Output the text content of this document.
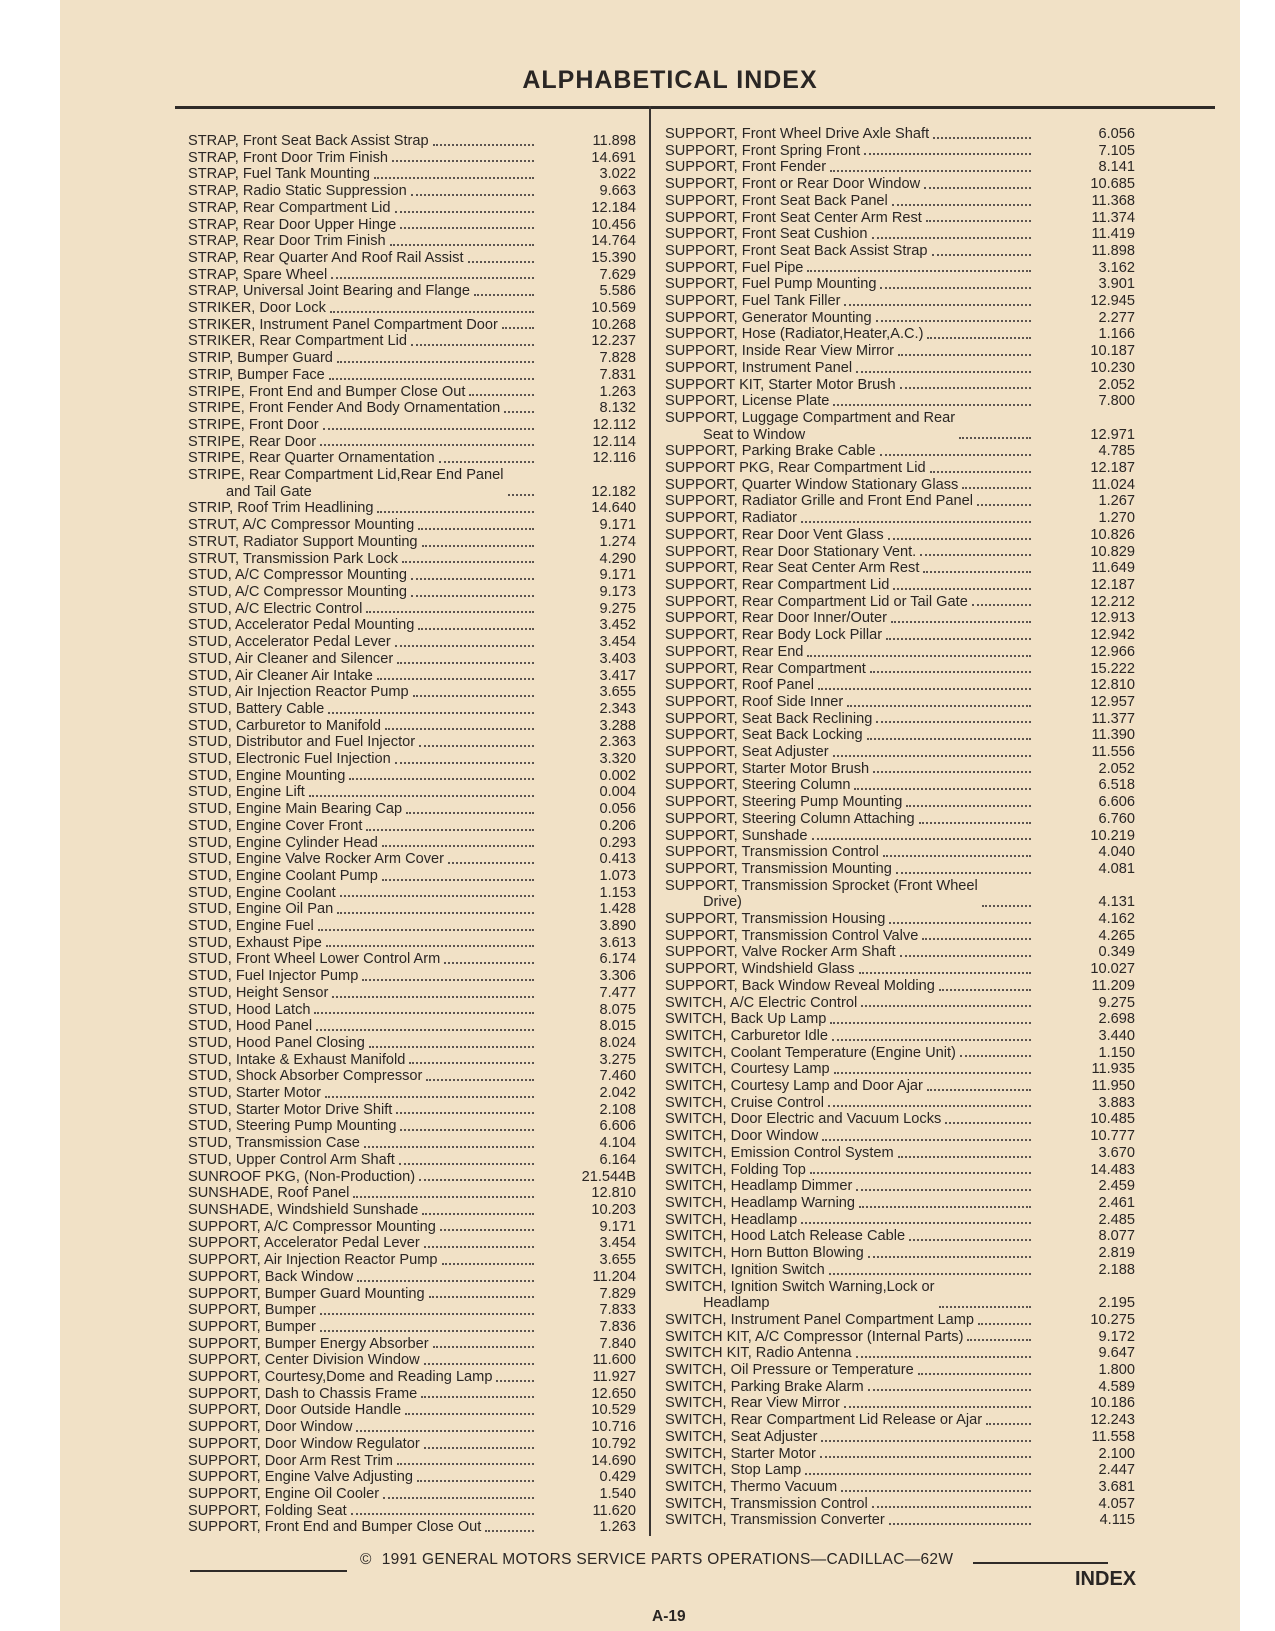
ALPHABETICAL INDEX
STRAP, Front Seat Back Assist Strap	11.898
STRAP, Front Door Trim Finish	14.691
STRAP, Fuel Tank Mounting	3.022
STRAP, Radio Static Suppression	9.663
STRAP, Rear Compartment Lid	12.184
STRAP, Rear Door Upper Hinge	10.456
STRAP, Rear Door Trim Finish	14.764
STRAP, Rear Quarter And Roof Rail Assist	15.390
STRAP, Spare Wheel	7.629
STRAP, Universal Joint Bearing and Flange	5.586
STRIKER, Door Lock	10.569
STRIKER, Instrument Panel Compartment Door	10.268
STRIKER, Rear Compartment Lid	12.237
STRIP, Bumper Guard	7.828
STRIP, Bumper Face	7.831
STRIPE, Front End and Bumper Close Out	1.263
STRIPE, Front Fender And Body Ornamentation	8.132
STRIPE, Front Door	12.112
STRIPE, Rear Door	12.114
STRIPE, Rear Quarter Ornamentation	12.116
STRIPE, Rear Compartment Lid,Rear End Panel
and Tail Gate	12.182
STRIP, Roof Trim Headlining	14.640
STRUT, A/C Compressor Mounting	9.171
STRUT, Radiator Support Mounting	1.274
STRUT, Transmission Park Lock	4.290
STUD, A/C Compressor Mounting	9.171
STUD, A/C Compressor Mounting	9.173
STUD, A/C Electric Control	9.275
STUD, Accelerator Pedal Mounting	3.452
STUD, Accelerator Pedal Lever	3.454
STUD, Air Cleaner and Silencer	3.403
STUD, Air Cleaner Air Intake	3.417
STUD, Air Injection Reactor Pump	3.655
STUD, Battery Cable	2.343
STUD, Carburetor to Manifold	3.288
STUD, Distributor and Fuel Injector	2.363
STUD, Electronic Fuel Injection	3.320
STUD, Engine Mounting	0.002
STUD, Engine Lift	0.004
STUD, Engine Main Bearing Cap	0.056
STUD, Engine Cover Front	0.206
STUD, Engine Cylinder Head	0.293
STUD, Engine Valve Rocker Arm Cover	0.413
STUD, Engine Coolant Pump	1.073
STUD, Engine Coolant	1.153
STUD, Engine Oil Pan	1.428
STUD, Engine Fuel	3.890
STUD, Exhaust Pipe	3.613
STUD, Front Wheel Lower Control Arm	6.174
STUD, Fuel Injector Pump	3.306
STUD, Height Sensor	7.477
STUD, Hood Latch	8.075
STUD, Hood Panel	8.015
STUD, Hood Panel Closing	8.024
STUD, Intake & Exhaust Manifold	3.275
STUD, Shock Absorber Compressor	7.460
STUD, Starter Motor	2.042
STUD, Starter Motor Drive Shift	2.108
STUD, Steering Pump Mounting	6.606
STUD, Transmission Case	4.104
STUD, Upper Control Arm Shaft	6.164
SUNROOF PKG, (Non-Production)	21.544B
SUNSHADE, Roof Panel	12.810
SUNSHADE, Windshield Sunshade	10.203
SUPPORT, A/C Compressor Mounting	9.171
SUPPORT, Accelerator Pedal Lever	3.454
SUPPORT, Air Injection Reactor Pump	3.655
SUPPORT, Back Window	11.204
SUPPORT, Bumper Guard Mounting	7.829
SUPPORT, Bumper	7.833
SUPPORT, Bumper	7.836
SUPPORT, Bumper Energy Absorber	7.840
SUPPORT, Center Division Window	11.600
SUPPORT, Courtesy,Dome and Reading Lamp	11.927
SUPPORT, Dash to Chassis Frame	12.650
SUPPORT, Door Outside Handle	10.529
SUPPORT, Door Window	10.716
SUPPORT, Door Window Regulator	10.792
SUPPORT, Door Arm Rest Trim	14.690
SUPPORT, Engine Valve Adjusting	0.429
SUPPORT, Engine Oil Cooler	1.540
SUPPORT, Folding Seat	11.620
SUPPORT, Front End and Bumper Close Out	1.263
SUPPORT, Front Wheel Drive Axle Shaft	6.056
SUPPORT, Front Spring Front	7.105
SUPPORT, Front Fender	8.141
SUPPORT, Front or Rear Door Window	10.685
SUPPORT, Front Seat Back Panel	11.368
SUPPORT, Front Seat Center Arm Rest	11.374
SUPPORT, Front Seat Cushion	11.419
SUPPORT, Front Seat Back Assist Strap	11.898
SUPPORT, Fuel Pipe	3.162
SUPPORT, Fuel Pump Mounting	3.901
SUPPORT, Fuel Tank Filler	12.945
SUPPORT, Generator Mounting	2.277
SUPPORT, Hose (Radiator,Heater,A.C.)	1.166
SUPPORT, Inside Rear View Mirror	10.187
SUPPORT, Instrument Panel	10.230
SUPPORT KIT, Starter Motor Brush	2.052
SUPPORT, License Plate	7.800
SUPPORT, Luggage Compartment and Rear
Seat to Window	12.971
SUPPORT, Parking Brake Cable	4.785
SUPPORT PKG, Rear Compartment Lid	12.187
SUPPORT, Quarter Window Stationary Glass	11.024
SUPPORT, Radiator Grille and Front End Panel	1.267
SUPPORT, Radiator	1.270
SUPPORT, Rear Door Vent Glass	10.826
SUPPORT, Rear Door Stationary Vent.	10.829
SUPPORT, Rear Seat Center Arm Rest	11.649
SUPPORT, Rear Compartment Lid	12.187
SUPPORT, Rear Compartment Lid or Tail Gate	12.212
SUPPORT, Rear Door Inner/Outer	12.913
SUPPORT, Rear Body Lock Pillar	12.942
SUPPORT, Rear End	12.966
SUPPORT, Rear Compartment	15.222
SUPPORT, Roof Panel	12.810
SUPPORT, Roof Side Inner	12.957
SUPPORT, Seat Back Reclining	11.377
SUPPORT, Seat Back Locking	11.390
SUPPORT, Seat Adjuster	11.556
SUPPORT, Starter Motor Brush	2.052
SUPPORT, Steering Column	6.518
SUPPORT, Steering Pump Mounting	6.606
SUPPORT, Steering Column Attaching	6.760
SUPPORT, Sunshade	10.219
SUPPORT, Transmission Control	4.040
SUPPORT, Transmission Mounting	4.081
SUPPORT, Transmission Sprocket (Front Wheel
Drive)	4.131
SUPPORT, Transmission Housing	4.162
SUPPORT, Transmission Control Valve	4.265
SUPPORT, Valve Rocker Arm Shaft	0.349
SUPPORT, Windshield Glass	10.027
SUPPORT, Back Window Reveal Molding	11.209
SWITCH, A/C Electric Control	9.275
SWITCH, Back Up Lamp	2.698
SWITCH, Carburetor Idle	3.440
SWITCH, Coolant Temperature (Engine Unit)	1.150
SWITCH, Courtesy Lamp	11.935
SWITCH, Courtesy Lamp and Door Ajar	11.950
SWITCH, Cruise Control	3.883
SWITCH, Door Electric and Vacuum Locks	10.485
SWITCH, Door Window	10.777
SWITCH, Emission Control System	3.670
SWITCH, Folding Top	14.483
SWITCH, Headlamp Dimmer	2.459
SWITCH, Headlamp Warning	2.461
SWITCH, Headlamp	2.485
SWITCH, Hood Latch Release Cable	8.077
SWITCH, Horn Button Blowing	2.819
SWITCH, Ignition Switch	2.188
SWITCH, Ignition Switch Warning,Lock or
Headlamp	2.195
SWITCH, Instrument Panel Compartment Lamp	10.275
SWITCH KIT, A/C Compressor (Internal Parts)	9.172
SWITCH KIT, Radio Antenna	9.647
SWITCH, Oil Pressure or Temperature	1.800
SWITCH, Parking Brake Alarm	4.589
SWITCH, Rear View Mirror	10.186
SWITCH, Rear Compartment Lid Release or Ajar	12.243
SWITCH, Seat Adjuster	11.558
SWITCH, Starter Motor	2.100
SWITCH, Stop Lamp	2.447
SWITCH, Thermo Vacuum	3.681
SWITCH, Transmission Control	4.057
SWITCH, Transmission Converter	4.115
© 1991 GENERAL MOTORS SERVICE PARTS OPERATIONS—CADILLAC—62W
A-19
INDEX
